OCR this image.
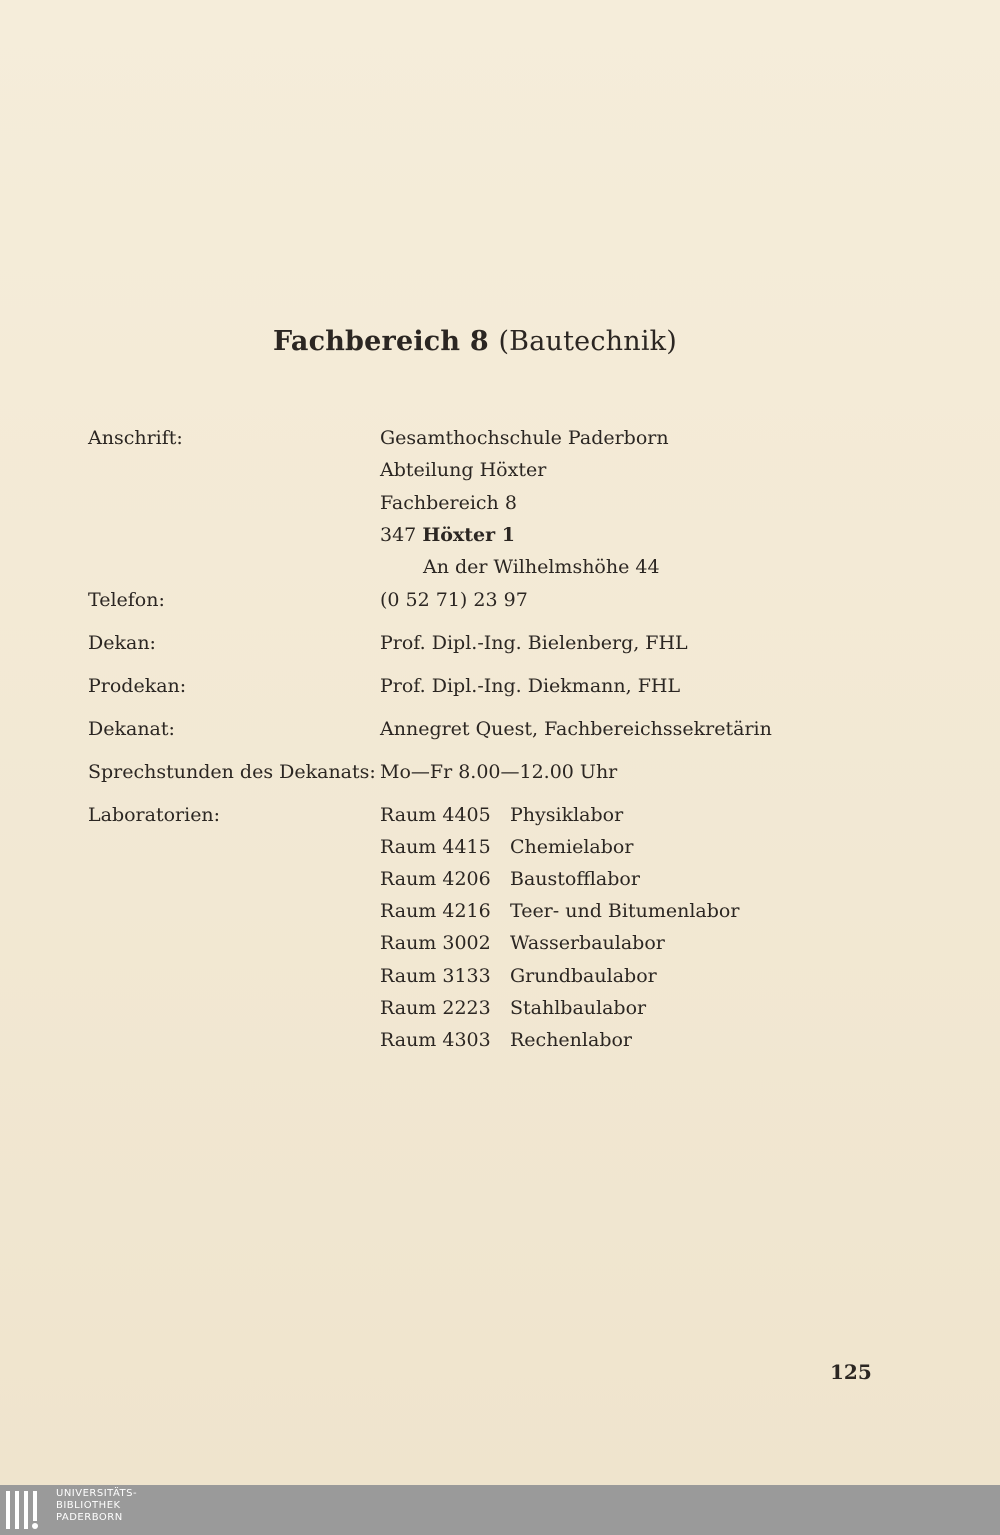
Fachbereich 8 (Bautechnik)
Anschrift:	Gesamthochschule Paderborn
Abteilung Höxter
Fachbereich 8
347 Höxter 1
An der Wilhelmshöhe 44
Telefon:	(0 52 71) 23 97
Dekan:	Prof. Dipl.-Ing. Bielenberg, FHL
Prodekan:	Prof. Dipl.-Ing. Diekmann, FHL
Dekanat:	Annegret Quest, Fachbereichssekretärin
Sprechstunden des Dekanats: Mo—Fr 8.00—12.00 Uhr
Laboratorien:	Raum 4405 Physiklabor
Raum 4415 Chemielabor
Raum 4206 Baustofflabor
Raum 4216 Teer- und Bitumenlabor
Raum 3002 Wasserbaulabor
Raum 3133 Grundbaulabor
Raum 2223 Stahlbaulabor
Raum 4303 Rechenlabor
125
UNIVERSITÄTS-
BIBLIOTHEK
PADERBORN
